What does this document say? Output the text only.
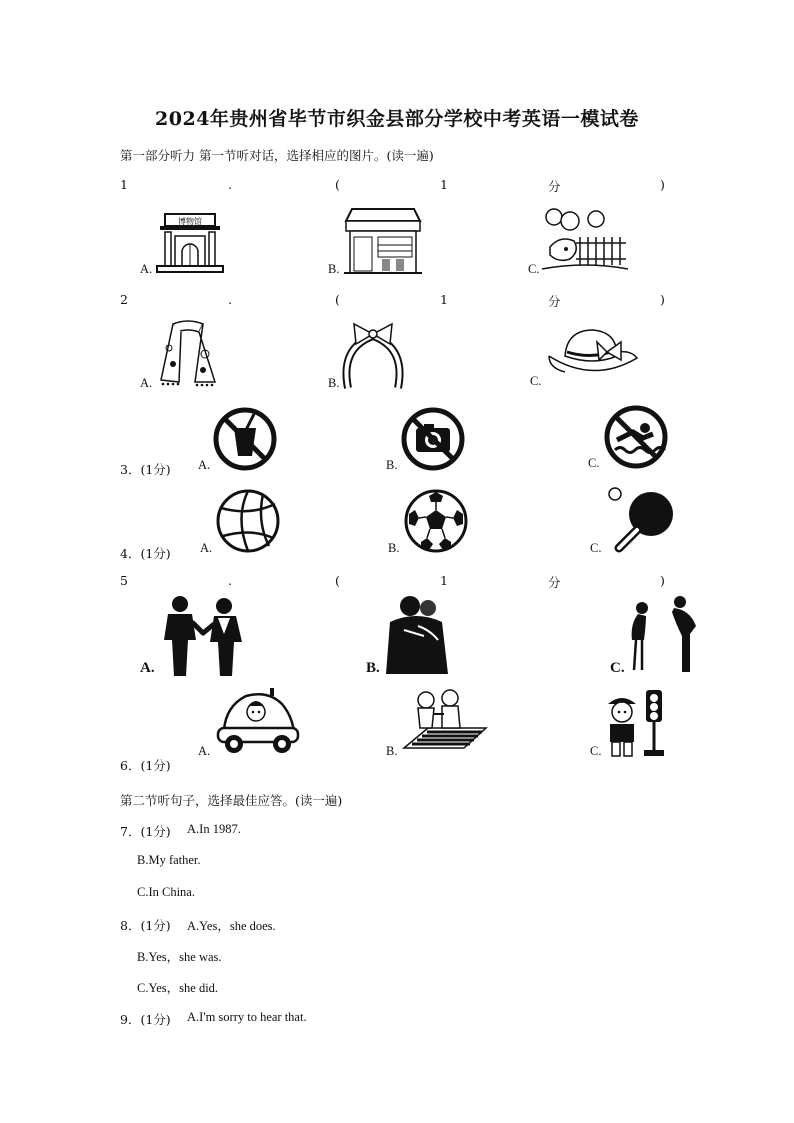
2024年贵州省毕节市织金县部分学校中考英语一模试卷
第一部分听力 第一节听对话，选择相应的图片。(读一遍)
1	.	(	1	分	)
A.
博物馆
B.	C.
2	.	(	1	分	)
A.	B.	C.
3．(1分) A.	B.	C.
4．(1分) A.	B.	C.
5	.	(	1	分	)
A.	B.	C.
6．(1分)
A.	B.	C.
第二节听句子，选择最佳应答。(读一遍)
7．(1分) A.In 1987.
B.My father.
C.In China.
8．(1分) A.Yes，she does.
B.Yes，she was.
C.Yes，she did.
9．(1分) A.I'm sorry to hear that.
